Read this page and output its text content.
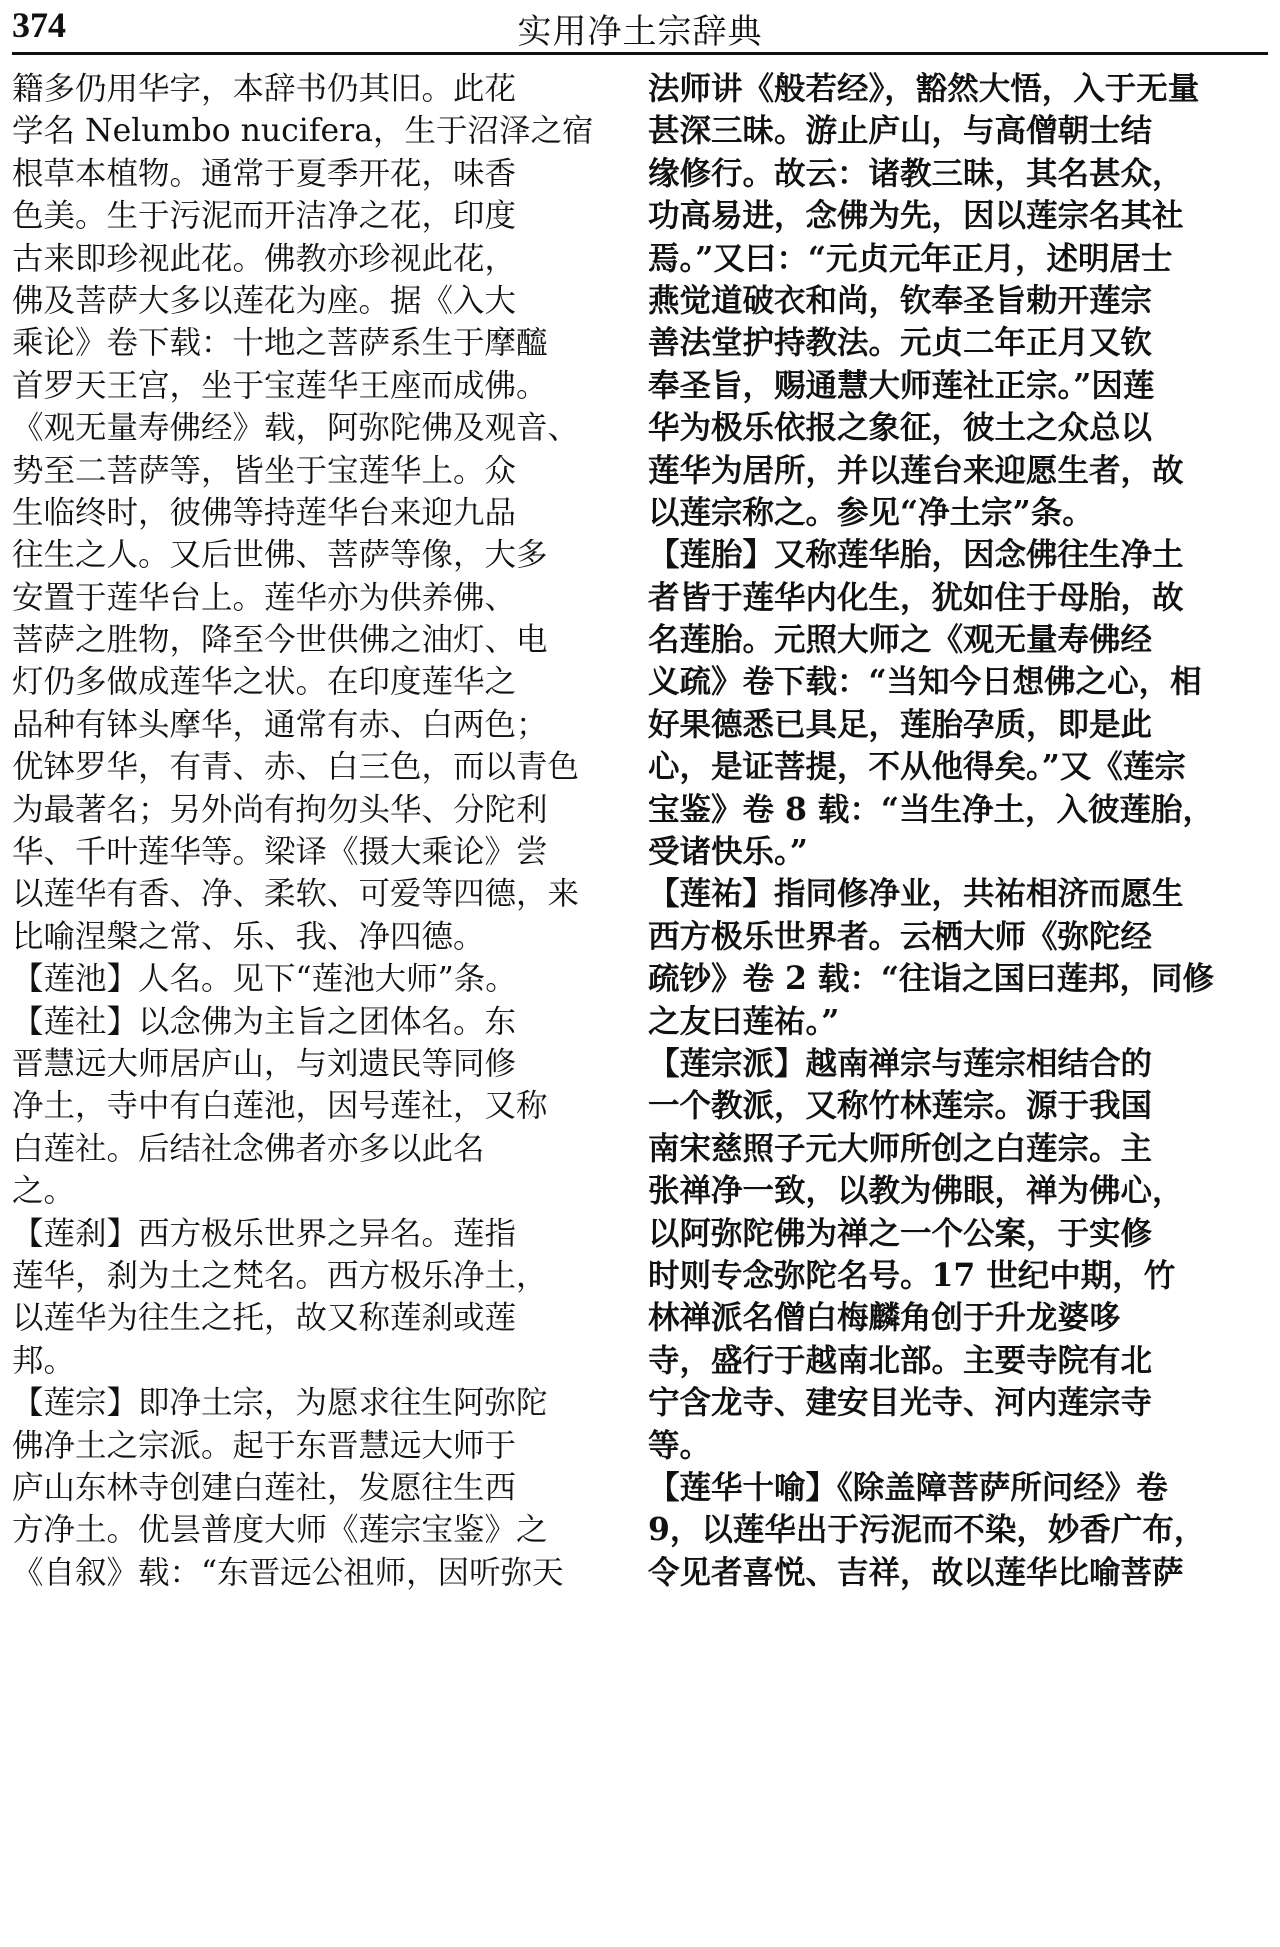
374	实用净土宗辞典
籍多仍用华字，本辞书仍其旧。此花
学名 Nelumbo nucifera，生于沼泽之宿
根草本植物。通常于夏季开花，味香
色美。生于污泥而开洁净之花，印度
古来即珍视此花。佛教亦珍视此花，
佛及菩萨大多以莲花为座。据《入大
乘论》卷下载：十地之菩萨系生于摩醯
首罗天王宫，坐于宝莲华王座而成佛。
《观无量寿佛经》载，阿弥陀佛及观音、
势至二菩萨等，皆坐于宝莲华上。众
生临终时，彼佛等持莲华台来迎九品
往生之人。又后世佛、菩萨等像，大多
安置于莲华台上。莲华亦为供养佛、
菩萨之胜物，降至今世供佛之油灯、电
灯仍多做成莲华之状。在印度莲华之
品种有钵头摩华，通常有赤、白两色；
优钵罗华，有青、赤、白三色，而以青色
为最著名；另外尚有拘勿头华、分陀利
华、千叶莲华等。梁译《摄大乘论》尝
以莲华有香、净、柔软、可爱等四德，来
比喻涅槃之常、乐、我、净四德。
【莲池】人名。见下“莲池大师”条。
【莲社】以念佛为主旨之团体名。东
晋慧远大师居庐山，与刘遗民等同修
净土，寺中有白莲池，因号莲社，又称
白莲社。后结社念佛者亦多以此名
之。
【莲刹】西方极乐世界之异名。莲指
莲华，刹为土之梵名。西方极乐净土，
以莲华为往生之托，故又称莲刹或莲
邦。
【莲宗】即净土宗，为愿求往生阿弥陀
佛净土之宗派。起于东晋慧远大师于
庐山东林寺创建白莲社，发愿往生西
方净土。优昙普度大师《莲宗宝鉴》之
《自叙》载：“东晋远公祖师，因听弥天
法师讲《般若经》，豁然大悟，入于无量
甚深三昧。游止庐山，与高僧朝士结
缘修行。故云：诸教三昧，其名甚众，
功高易进，念佛为先，因以莲宗名其社
焉。”又曰：“元贞元年正月，述明居士
燕觉道破衣和尚，钦奉圣旨勅开莲宗
善法堂护持教法。元贞二年正月又钦
奉圣旨，赐通慧大师莲社正宗。”因莲
华为极乐依报之象征，彼土之众总以
莲华为居所，并以莲台来迎愿生者，故
以莲宗称之。参见“净土宗”条。
【莲胎】又称莲华胎，因念佛往生净土
者皆于莲华内化生，犹如住于母胎，故
名莲胎。元照大师之《观无量寿佛经
义疏》卷下载：“当知今日想佛之心，相
好果德悉已具足，莲胎孕质，即是此
心，是证菩提，不从他得矣。”又《莲宗
宝鉴》卷 8 载：“当生净土，入彼莲胎，
受诸快乐。”
【莲祐】指同修净业，共祐相济而愿生
西方极乐世界者。云栖大师《弥陀经
疏钞》卷 2 载：“往诣之国曰莲邦，同修
之友曰莲祐。”
【莲宗派】越南禅宗与莲宗相结合的
一个教派，又称竹林莲宗。源于我国
南宋慈照子元大师所创之白莲宗。主
张禅净一致，以教为佛眼，禅为佛心，
以阿弥陀佛为禅之一个公案，于实修
时则专念弥陀名号。17 世纪中期，竹
林禅派名僧白梅麟角创于升龙婆哆
寺，盛行于越南北部。主要寺院有北
宁含龙寺、建安目光寺、河内莲宗寺
等。
【莲华十喻】《除盖障菩萨所问经》卷
9，以莲华出于污泥而不染，妙香广布，
令见者喜悦、吉祥，故以莲华比喻菩萨
